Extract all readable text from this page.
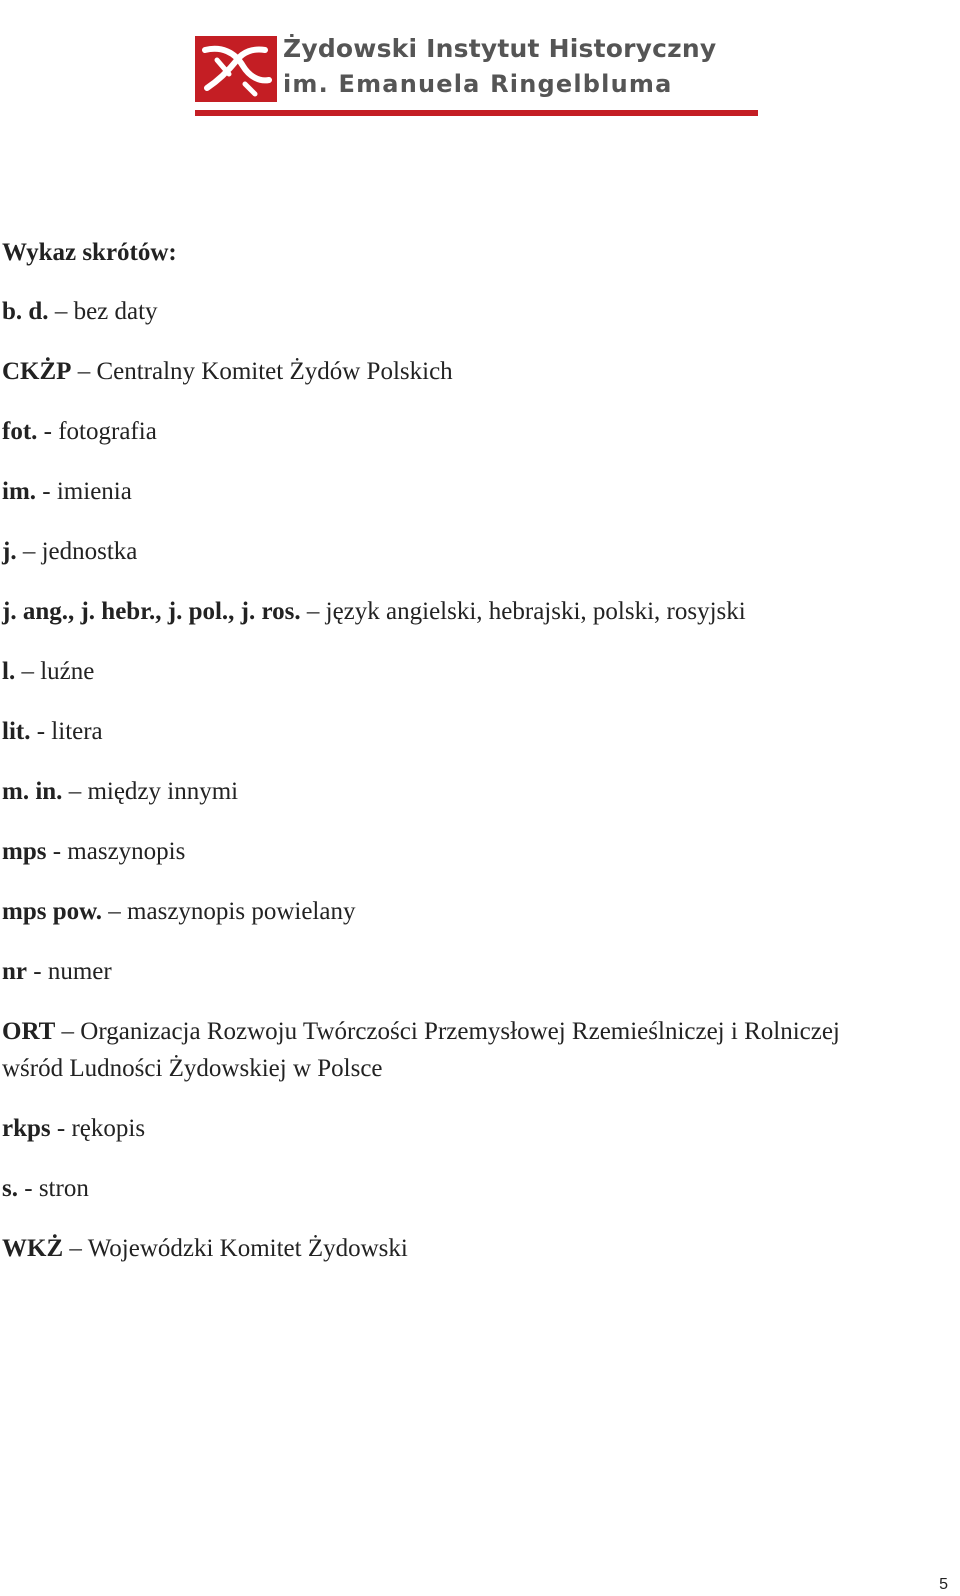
Żydowski Instytut Historyczny
im. Emanuela Ringelbluma
Wykaz skrótów:
b. d. – bez daty
CKŻP – Centralny Komitet Żydów Polskich
fot. - fotografia
im. - imienia
j. – jednostka
j. ang., j. hebr., j. pol., j. ros. – język angielski, hebrajski, polski, rosyjski
l. – luźne
lit. - litera
m. in. – między innymi
mps - maszynopis
mps pow. – maszynopis powielany
nr - numer
ORT – Organizacja Rozwoju Twórczości Przemysłowej Rzemieślniczej i Rolniczej wśród Ludności Żydowskiej w Polsce
rkps - rękopis
s. - stron
WKŻ – Wojewódzki Komitet Żydowski
5
